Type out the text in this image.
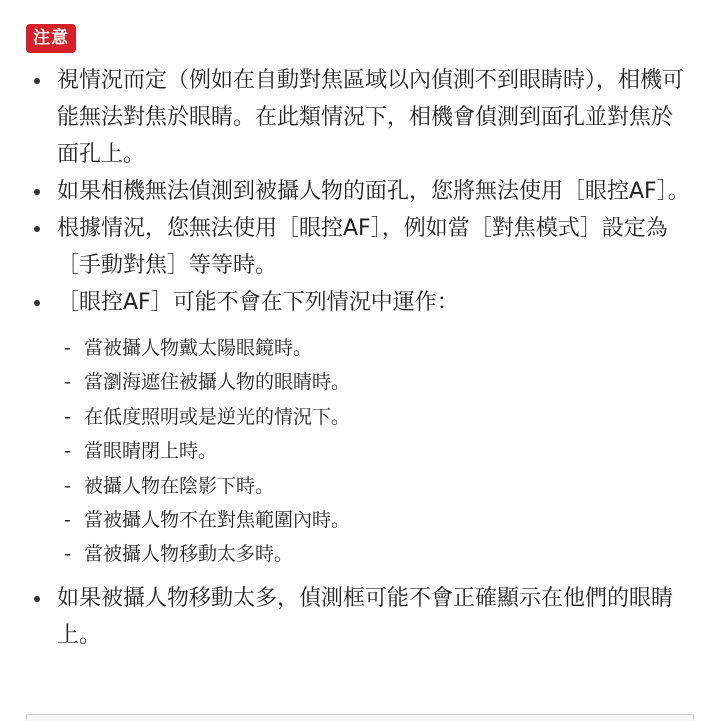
注意
視情況而定（例如在自動對焦區域以內偵測不到眼睛時），相機可能無法對焦於眼睛。在此類情況下，相機會偵測到面孔並對焦於面孔上。
如果相機無法偵測到被攝人物的面孔，您將無法使用［眼控AF］。
根據情況，您無法使用［眼控AF］，例如當［對焦模式］設定為［手動對焦］等等時。
［眼控AF］可能不會在下列情況中運作：
- 當被攝人物戴太陽眼鏡時。
- 當瀏海遮住被攝人物的眼睛時。
- 在低度照明或是逆光的情況下。
- 當眼睛閉上時。
- 被攝人物在陰影下時。
- 當被攝人物不在對焦範圍內時。
- 當被攝人物移動太多時。
如果被攝人物移動太多，偵測框可能不會正確顯示在他們的眼睛上。
